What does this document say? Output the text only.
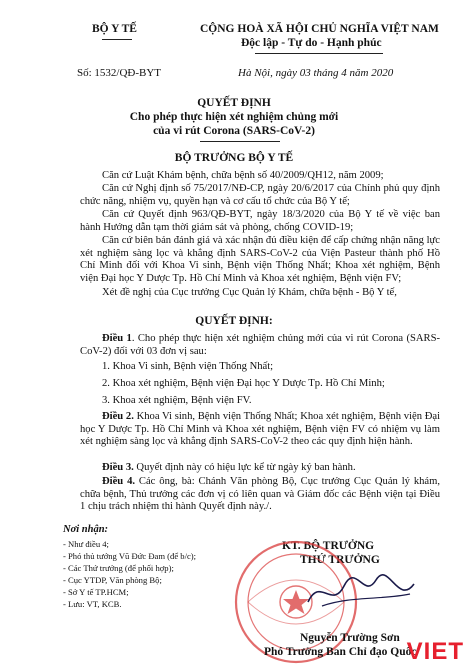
BỘ Y TẾ	CỘNG HOÀ XÃ HỘI CHỦ NGHĨA VIỆT NAM
Độc lập - Tự do - Hạnh phúc
Số: 1532/QĐ-BYT	Hà Nội, ngày 03 tháng 4 năm 2020
QUYẾT ĐỊNH
Cho phép thực hiện xét nghiệm chủng mới
của vi rút Corona (SARS-CoV-2)
BỘ TRƯỞNG BỘ Y TẾ
Căn cứ Luật Khám bệnh, chữa bệnh số 40/2009/QH12, năm 2009;
Căn cứ Nghị định số 75/2017/NĐ-CP, ngày 20/6/2017 của Chính phủ quy định chức năng, nhiệm vụ, quyền hạn và cơ cấu tổ chức của Bộ Y tế;
Căn cứ Quyết định 963/QĐ-BYT, ngày 18/3/2020 của Bộ Y tế về việc ban hành Hướng dẫn tạm thời giám sát và phòng, chống COVID-19;
Căn cứ biên bản đánh giá và xác nhận đủ điều kiện để cấp chứng nhận năng lực xét nghiệm sàng lọc và khẳng định SARS-CoV-2 của Viện Pasteur thành phố Hồ Chí Minh đối với Khoa Vi sinh, Bệnh viện Thống Nhất; Khoa xét nghiệm, Bệnh viện Đại học Y Dược Tp. Hồ Chí Minh và Khoa xét nghiệm, Bệnh viện FV;
Xét đề nghị của Cục trưởng Cục Quản lý Khám, chữa bệnh - Bộ Y tế,
QUYẾT ĐỊNH:
Điều 1. Cho phép thực hiện xét nghiệm chủng mới của vi rút Corona (SARS-CoV-2) đối với 03 đơn vị sau:
1. Khoa Vi sinh, Bệnh viện Thống Nhất;
2. Khoa xét nghiệm, Bệnh viện Đại học Y Dược Tp. Hồ Chí Minh;
3. Khoa xét nghiệm, Bệnh viện FV.
Điều 2. Khoa Vi sinh, Bệnh viện Thống Nhất; Khoa xét nghiệm, Bệnh viện Đại học Y Dược Tp. Hồ Chí Minh và Khoa xét nghiệm, Bệnh viện FV có nhiệm vụ làm xét nghiệm sàng lọc và khẳng định SARS-CoV-2 theo các quy định hiện hành.
Điều 3. Quyết định này có hiệu lực kể từ ngày ký ban hành.
Điều 4. Các ông, bà: Chánh Văn phòng Bộ, Cục trưởng Cục Quản lý khám, chữa bệnh, Thủ trưởng các đơn vị có liên quan và Giám đốc các Bệnh viện tại Điều 1 chịu trách nhiệm thi hành Quyết định này./.
Nơi nhận:
- Như điều 4;
- Phó thủ tướng Vũ Đức Đam (để b/c);
- Các Thứ trưởng (để phối hợp);
- Cục YTDP, Văn phòng Bộ;
- Sở Y tế TP.HCM;
- Lưu: VT, KCB.
KT. BỘ TRƯỞNG
THỨ TRƯỞNG
Nguyễn Trường Sơn
Phó Trưởng Ban Chỉ đạo Quốc
VIET
